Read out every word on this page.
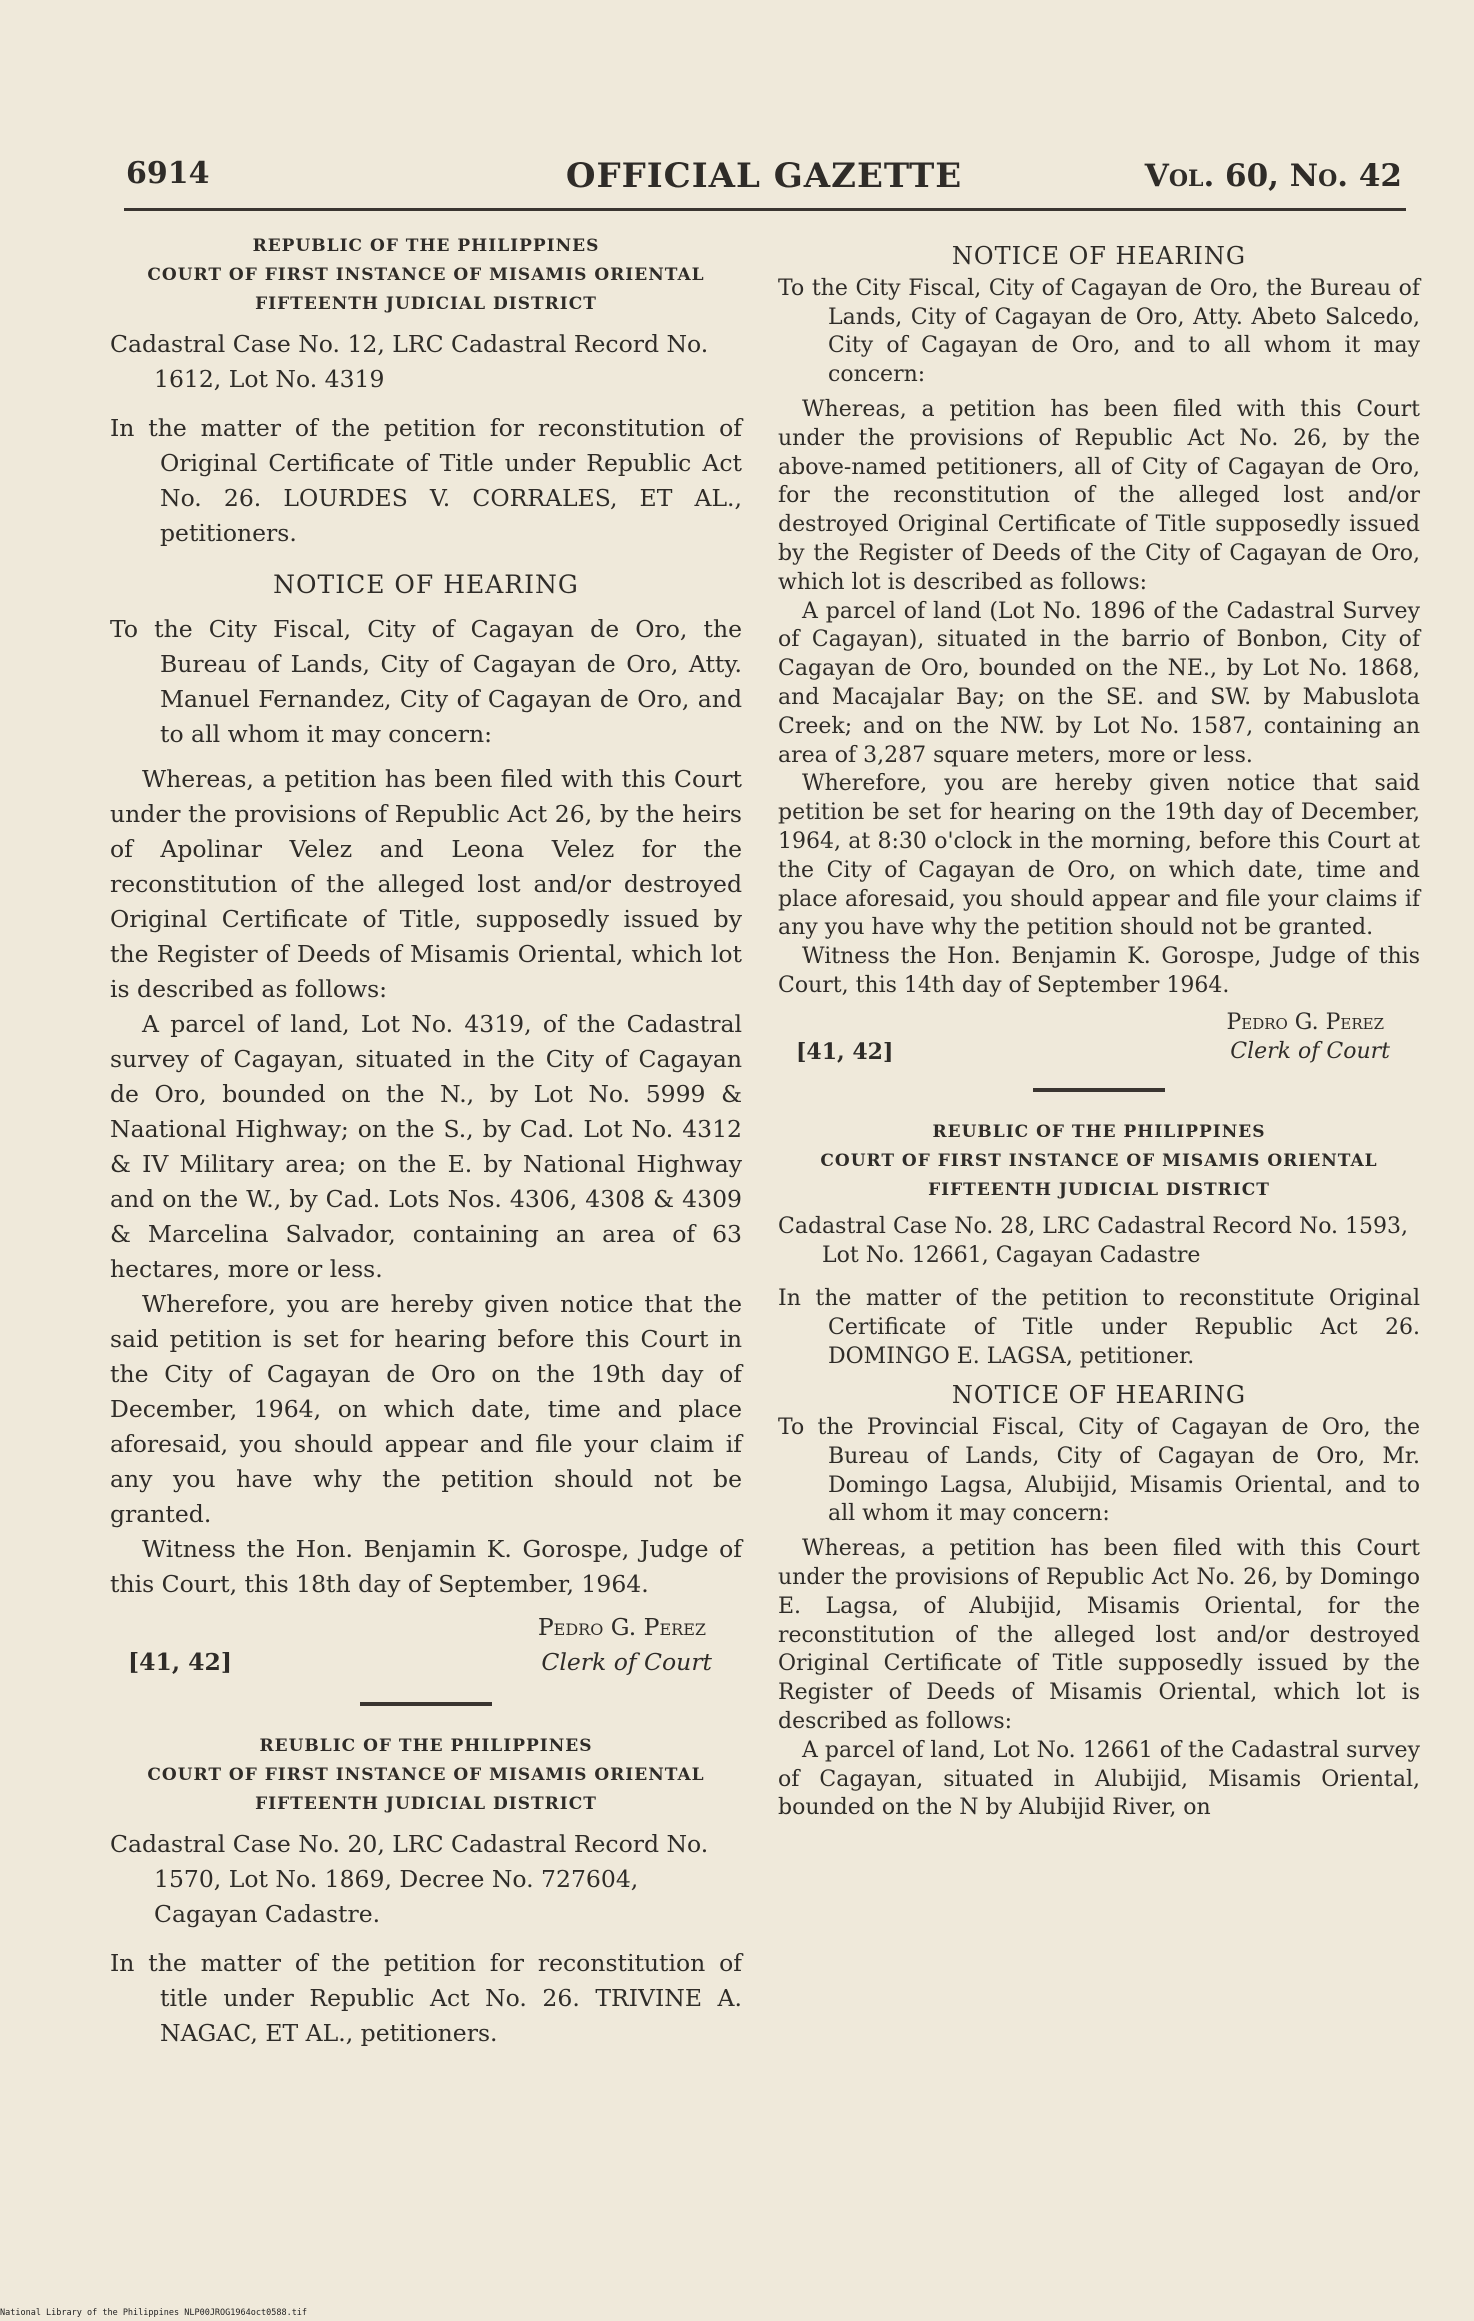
6914	OFFICIAL GAZETTE	Vol. 60, No. 42

REPUBLIC OF THE PHILIPPINES

COURT OF FIRST INSTANCE OF MISAMIS ORIENTAL

FIFTEENTH JUDICIAL DISTRICT

Cadastral Case No. 12, LRC Cadastral Record No. 1612, Lot No. 4319

In the matter of the petition for reconstitution of Original Certificate of Title under Republic Act No. 26. LOURDES V. CORRALES, ET AL., petitioners.

NOTICE OF HEARING

To the City Fiscal, City of Cagayan de Oro, the Bureau of Lands, City of Cagayan de Oro, Atty. Manuel Fernandez, City of Cagayan de Oro, and to all whom it may concern:

Whereas, a petition has been filed with this Court under the provisions of Republic Act 26, by the heirs of Apolinar Velez and Leona Velez for the reconstitution of the alleged lost and/or destroyed Original Certificate of Title, supposedly issued by the Register of Deeds of Misamis Oriental, which lot is described as follows:

A parcel of land, Lot No. 4319, of the Cadastral survey of Cagayan, situated in the City of Cagayan de Oro, bounded on the N., by Lot No. 5999 & Naational Highway; on the S., by Cad. Lot No. 4312 & IV Military area; on the E. by National Highway and on the W., by Cad. Lots Nos. 4306, 4308 & 4309 & Marcelina Salvador, containing an area of 63 hectares, more or less.

Wherefore, you are hereby given notice that the said petition is set for hearing before this Court in the City of Cagayan de Oro on the 19th day of December, 1964, on which date, time and place aforesaid, you should appear and file your claim if any you have why the petition should not be granted.

Witness the Hon. Benjamin K. Gorospe, Judge of this Court, this 18th day of September, 1964.

Pedro G. Perez

[41, 42]	Clerk of Court

REUBLIC OF THE PHILIPPINES

COURT OF FIRST INSTANCE OF MISAMIS ORIENTAL

FIFTEENTH JUDICIAL DISTRICT

Cadastral Case No. 20, LRC Cadastral Record No. 1570, Lot No. 1869, Decree No. 727604, Cagayan Cadastre.

In the matter of the petition for reconstitution of title under Republic Act No. 26. TRIVINE A. NAGAC, ET AL., petitioners.

NOTICE OF HEARING

To the City Fiscal, City of Cagayan de Oro, the Bureau of Lands, City of Cagayan de Oro, Atty. Abeto Salcedo, City of Cagayan de Oro, and to all whom it may concern:

Whereas, a petition has been filed with this Court under the provisions of Republic Act No. 26, by the above-named petitioners, all of City of Cagayan de Oro, for the reconstitution of the alleged lost and/or destroyed Original Certificate of Title supposedly issued by the Register of Deeds of the City of Cagayan de Oro, which lot is described as follows:

A parcel of land (Lot No. 1896 of the Cadastral Survey of Cagayan), situated in the barrio of Bonbon, City of Cagayan de Oro, bounded on the NE., by Lot No. 1868, and Macajalar Bay; on the SE. and SW. by Mabuslota Creek; and on the NW. by Lot No. 1587, containing an area of 3,287 square meters, more or less.

Wherefore, you are hereby given notice that said petition be set for hearing on the 19th day of December, 1964, at 8:30 o'clock in the morning, before this Court at the City of Cagayan de Oro, on which date, time and place aforesaid, you should appear and file your claims if any you have why the petition should not be granted.

Witness the Hon. Benjamin K. Gorospe, Judge of this Court, this 14th day of September 1964.

Pedro G. Perez

[41, 42]	Clerk of Court

REUBLIC OF THE PHILIPPINES

COURT OF FIRST INSTANCE OF MISAMIS ORIENTAL

FIFTEENTH JUDICIAL DISTRICT

Cadastral Case No. 28, LRC Cadastral Record No. 1593, Lot No. 12661, Cagayan Cadastre

In the matter of the petition to reconstitute Original Certificate of Title under Republic Act 26. DOMINGO E. LAGSA, petitioner.

NOTICE OF HEARING

To the Provincial Fiscal, City of Cagayan de Oro, the Bureau of Lands, City of Cagayan de Oro, Mr. Domingo Lagsa, Alubijid, Misamis Oriental, and to all whom it may concern:

Whereas, a petition has been filed with this Court under the provisions of Republic Act No. 26, by Domingo E. Lagsa, of Alubijid, Misamis Oriental, for the reconstitution of the alleged lost and/or destroyed Original Certificate of Title supposedly issued by the Register of Deeds of Misamis Oriental, which lot is described as follows:

A parcel of land, Lot No. 12661 of the Cadastral survey of Cagayan, situated in Alubijid, Misamis Oriental, bounded on the N by Alubijid River, on

National Library of the Philippines NLP00JROG1964oct0588.tif
